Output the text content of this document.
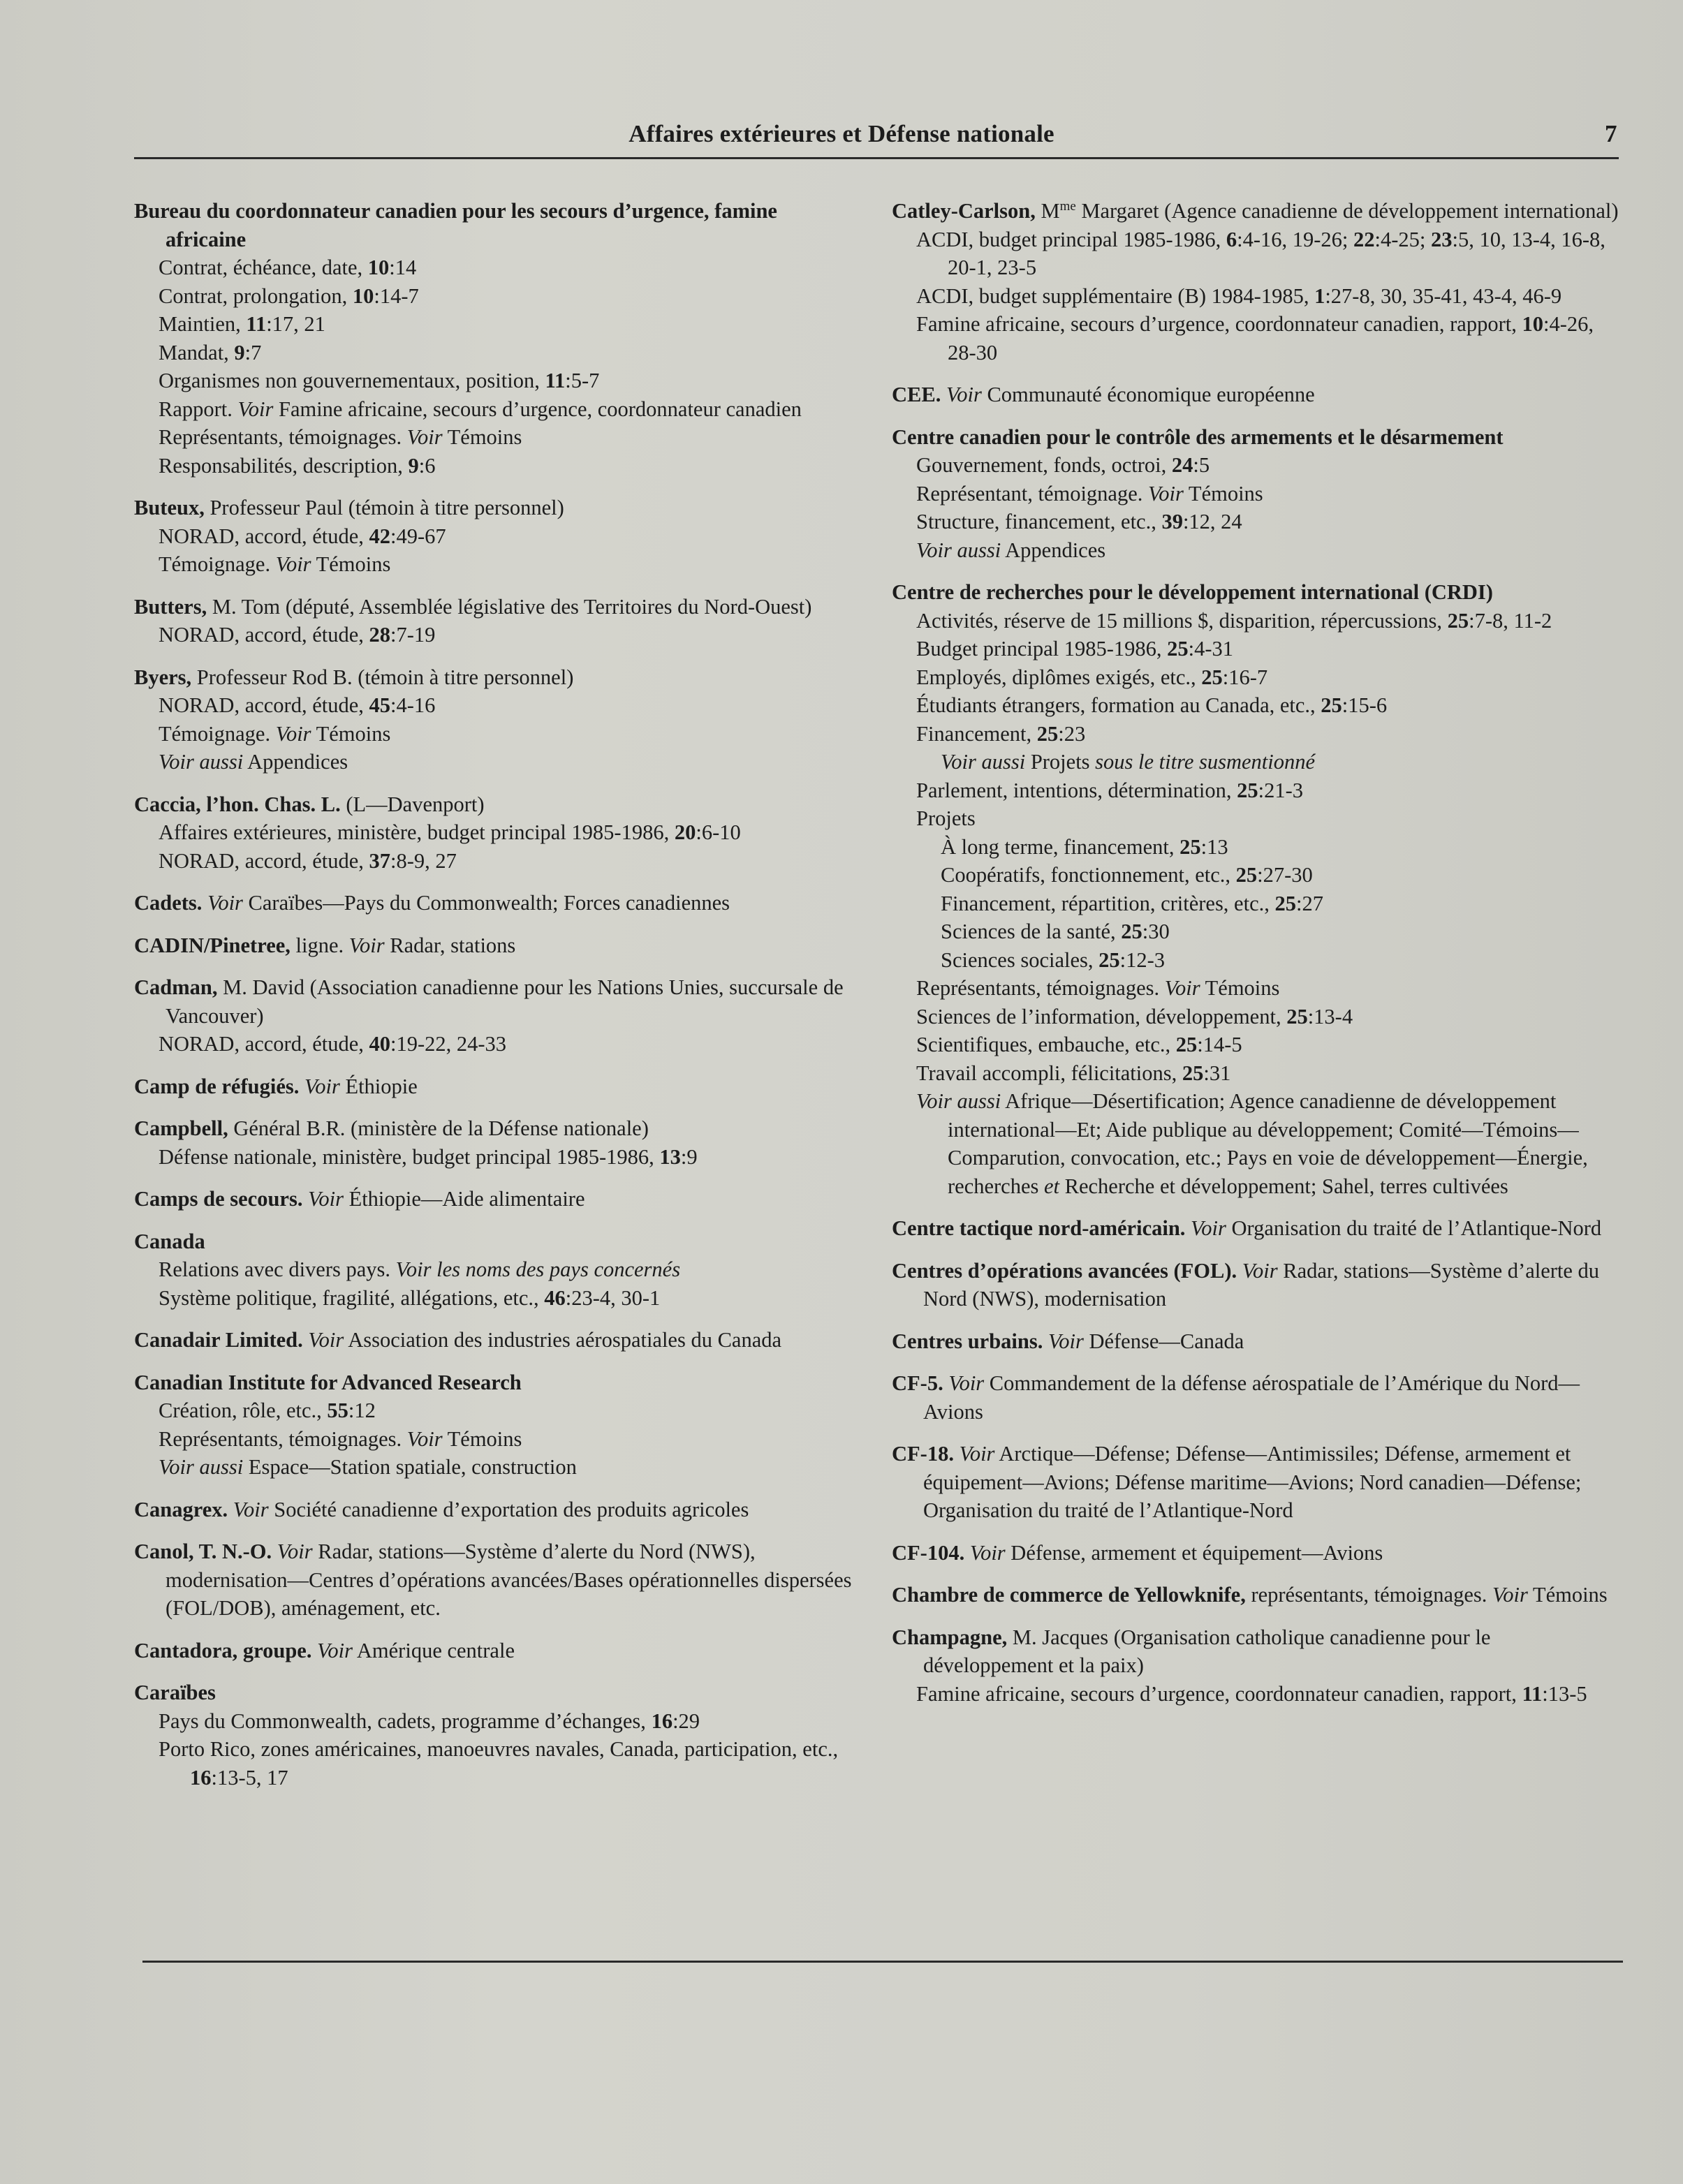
Affaires extérieures et Défense nationale	7
Bureau du coordonnateur canadien pour les secours d’urgence, famine africaine
Contrat, échéance, date, 10:14
Contrat, prolongation, 10:14-7
Maintien, 11:17, 21
Mandat, 9:7
Organismes non gouvernementaux, position, 11:5-7
Rapport. Voir Famine africaine, secours d’urgence, coordonnateur canadien
Représentants, témoignages. Voir Témoins
Responsabilités, description, 9:6
Buteux, Professeur Paul (témoin à titre personnel)
NORAD, accord, étude, 42:49-67
Témoignage. Voir Témoins
Butters, M. Tom (député, Assemblée législative des Territoires du Nord-Ouest)
NORAD, accord, étude, 28:7-19
Byers, Professeur Rod B. (témoin à titre personnel)
NORAD, accord, étude, 45:4-16
Témoignage. Voir Témoins
Voir aussi Appendices
Caccia, l’hon. Chas. L. (L—Davenport)
Affaires extérieures, ministère, budget principal 1985-1986, 20:6-10
NORAD, accord, étude, 37:8-9, 27
Cadets. Voir Caraïbes—Pays du Commonwealth; Forces canadiennes
CADIN/Pinetree, ligne. Voir Radar, stations
Cadman, M. David (Association canadienne pour les Nations Unies, succursale de Vancouver)
NORAD, accord, étude, 40:19-22, 24-33
Camp de réfugiés. Voir Éthiopie
Campbell, Général B.R. (ministère de la Défense nationale)
Défense nationale, ministère, budget principal 1985-1986, 13:9
Camps de secours. Voir Éthiopie—Aide alimentaire
Canada
Relations avec divers pays. Voir les noms des pays concernés
Système politique, fragilité, allégations, etc., 46:23-4, 30-1
Canadair Limited. Voir Association des industries aérospatiales du Canada
Canadian Institute for Advanced Research
Création, rôle, etc., 55:12
Représentants, témoignages. Voir Témoins
Voir aussi Espace—Station spatiale, construction
Canagrex. Voir Société canadienne d’exportation des produits agricoles
Canol, T. N.-O. Voir Radar, stations—Système d’alerte du Nord (NWS), modernisation—Centres d’opérations avancées/Bases opérationnelles dispersées (FOL/DOB), aménagement, etc.
Cantadora, groupe. Voir Amérique centrale
Caraïbes
Pays du Commonwealth, cadets, programme d’échanges, 16:29
Porto Rico, zones américaines, manoeuvres navales, Canada, participation, etc., 16:13-5, 17
Catley-Carlson, $M^{me}$ Margaret (Agence canadienne de développement international)
ACDI, budget principal 1985-1986, 6:4-16, 19-26; 22:4-25; 23:5, 10, 13-4, 16-8, 20-1, 23-5
ACDI, budget supplémentaire (B) 1984-1985, 1:27-8, 30, 35-41, 43-4, 46-9
Famine africaine, secours d’urgence, coordonnateur canadien, rapport, 10:4-26, 28-30
CEE. Voir Communauté économique européenne
Centre canadien pour le contrôle des armements et le désarmement
Gouvernement, fonds, octroi, 24:5
Représentant, témoignage. Voir Témoins
Structure, financement, etc., 39:12, 24
Voir aussi Appendices
Centre de recherches pour le développement international (CRDI)
Activités, réserve de 15 millions $, disparition, répercussions, 25:7-8, 11-2
Budget principal 1985-1986, 25:4-31
Employés, diplômes exigés, etc., 25:16-7
Étudiants étrangers, formation au Canada, etc., 25:15-6
Financement, 25:23
Voir aussi Projets sous le titre susmentionné
Parlement, intentions, détermination, 25:21-3
Projets
À long terme, financement, 25:13
Coopératifs, fonctionnement, etc., 25:27-30
Financement, répartition, critères, etc., 25:27
Sciences de la santé, 25:30
Sciences sociales, 25:12-3
Représentants, témoignages. Voir Témoins
Sciences de l’information, développement, 25:13-4
Scientifiques, embauche, etc., 25:14-5
Travail accompli, félicitations, 25:31
Voir aussi Afrique—Désertification; Agence canadienne de développement international—Et; Aide publique au développement; Comité—Témoins—Comparution, convocation, etc.; Pays en voie de développement—Énergie, recherches et Recherche et développement; Sahel, terres cultivées
Centre tactique nord-américain. Voir Organisation du traité de l’Atlantique-Nord
Centres d’opérations avancées (FOL). Voir Radar, stations—Système d’alerte du Nord (NWS), modernisation
Centres urbains. Voir Défense—Canada
CF-5. Voir Commandement de la défense aérospatiale de l’Amérique du Nord—Avions
CF-18. Voir Arctique—Défense; Défense—Antimissiles; Défense, armement et équipement—Avions; Défense maritime—Avions; Nord canadien—Défense; Organisation du traité de l’Atlantique-Nord
CF-104. Voir Défense, armement et équipement—Avions
Chambre de commerce de Yellowknife, représentants, témoignages. Voir Témoins
Champagne, M. Jacques (Organisation catholique canadienne pour le développement et la paix)
Famine africaine, secours d’urgence, coordonnateur canadien, rapport, 11:13-5
